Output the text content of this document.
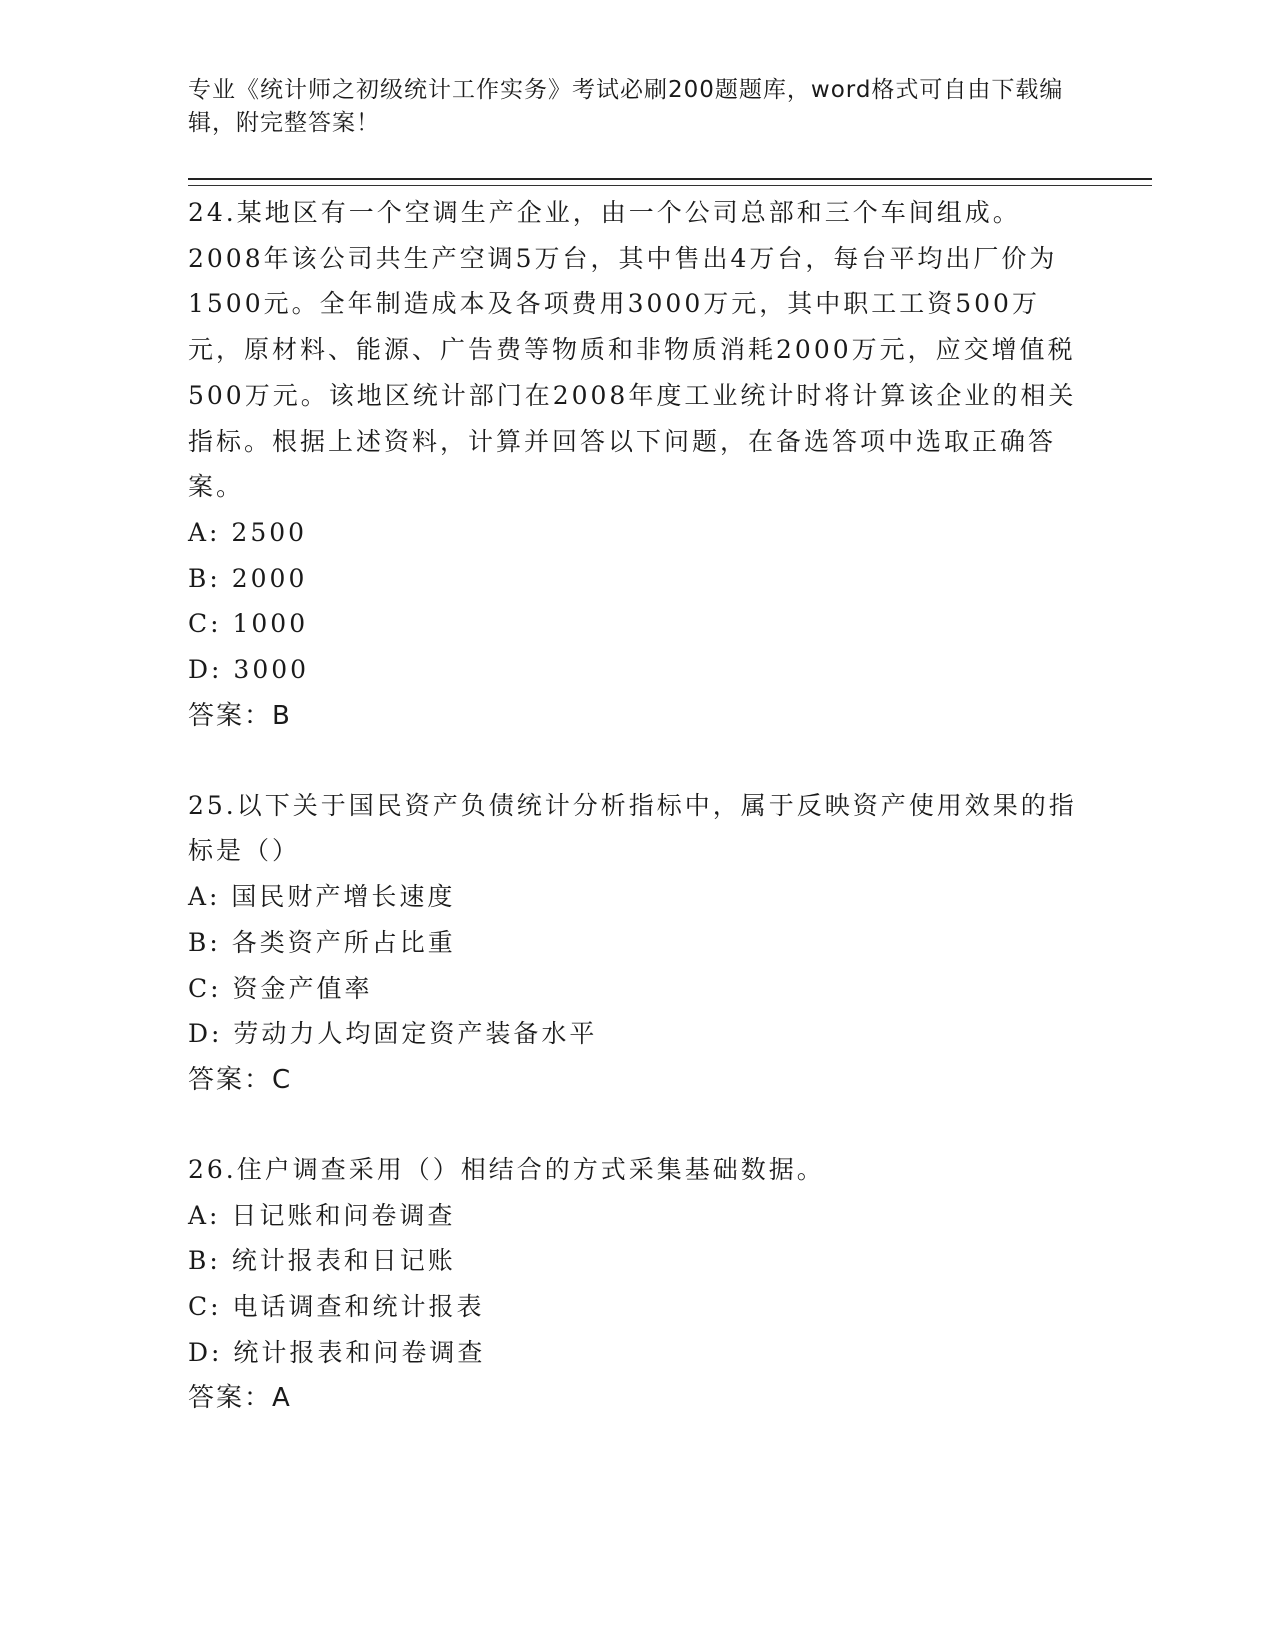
专业《统计师之初级统计工作实务》考试必刷200题题库，word格式可自由下载编辑，附完整答案！
24.某地区有一个空调生产企业，由一个公司总部和三个车间组成。2008年该公司共生产空调5万台，其中售出4万台，每台平均出厂价为1500元。全年制造成本及各项费用3000万元，其中职工工资500万元，原材料、能源、广告费等物质和非物质消耗2000万元，应交增值税500万元。该地区统计部门在2008年度工业统计时将计算该企业的相关指标。根据上述资料，计算并回答以下问题，在备选答项中选取正确答案。
A: 2500
B: 2000
C: 1000
D: 3000
答案：B
25.以下关于国民资产负债统计分析指标中，属于反映资产使用效果的指标是（）
A: 国民财产增长速度
B: 各类资产所占比重
C: 资金产值率
D: 劳动力人均固定资产装备水平
答案：C
26.住户调查采用（）相结合的方式采集基础数据。
A: 日记账和问卷调查
B: 统计报表和日记账
C: 电话调查和统计报表
D: 统计报表和问卷调查
答案：A
